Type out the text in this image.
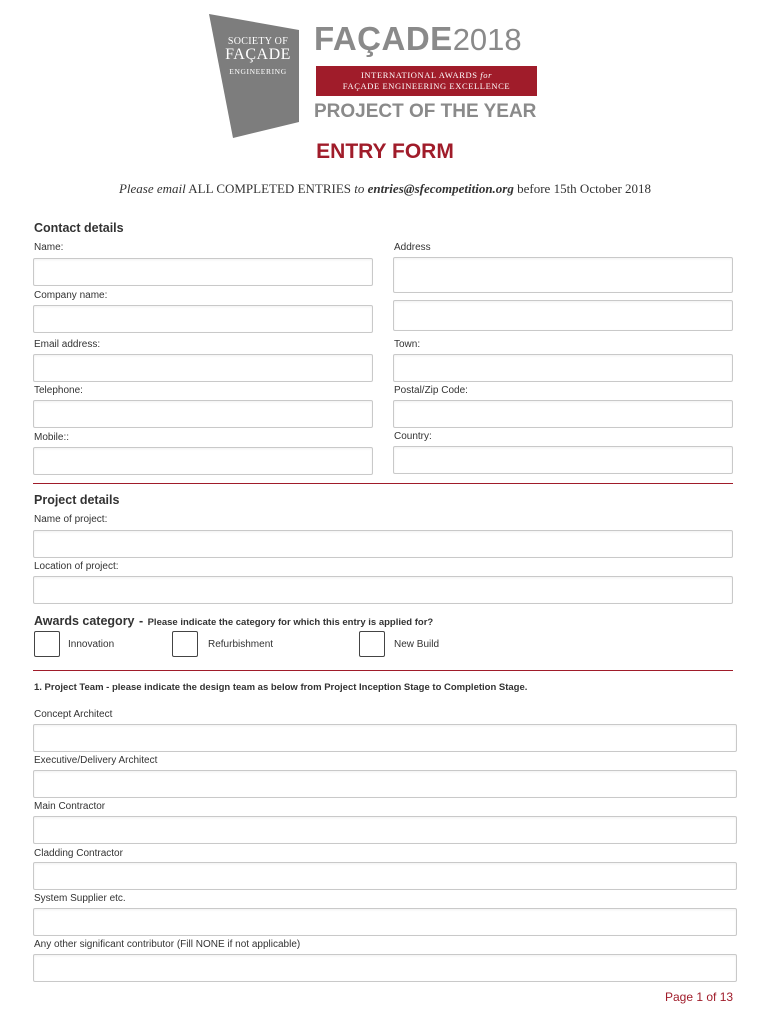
SOCIETY OF
FAÇADE
ENGINEERING
FAÇADE2018
INTERNATIONAL AWARDS for
FAÇADE ENGINEERING EXCELLENCE
PROJECT OF THE YEAR
ENTRY FORM
Please email ALL COMPLETED ENTRIES to entries@sfecompetition.org before 15th October 2018
Contact details
Name:
Company name:
Email address:
Telephone:
Mobile::
Address
Town:
Postal/Zip Code:
Country:
Project details
Name of project:
Location of project:
Awards category - Please indicate the category for which this entry is applied for?
Innovation	Refurbishment	New Build
1. Project Team - please indicate the design team as below from Project Inception Stage to Completion Stage.
Concept Architect
Executive/Delivery Architect
Main Contractor
Cladding Contractor
System Supplier etc.
Any other significant contributor (Fill NONE if not applicable)
Page 1 of 13
